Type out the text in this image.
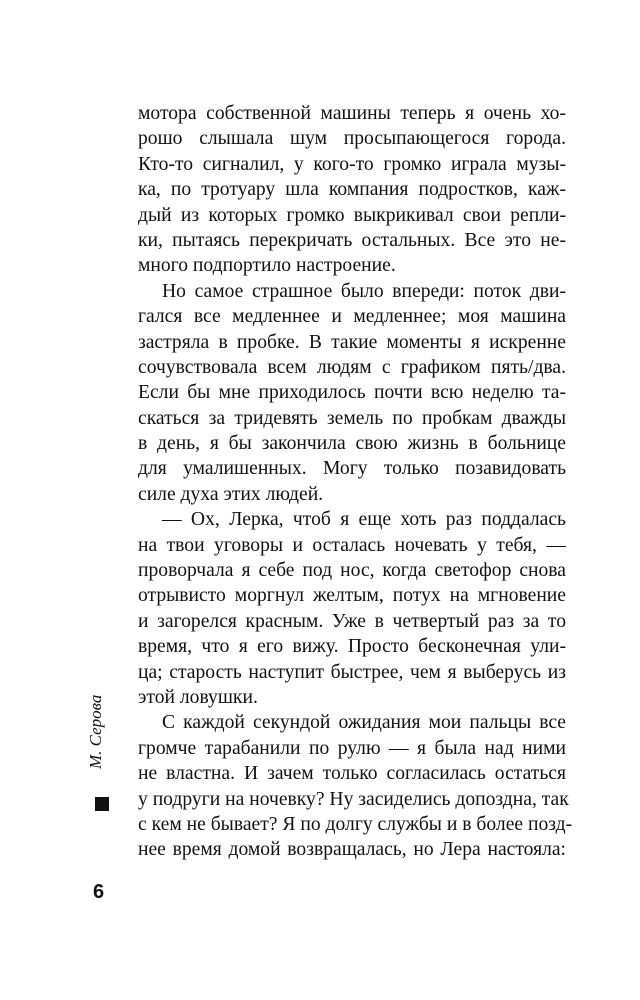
мотора собственной машины теперь я очень хо-
рошо слышала шум просыпающегося города.
Кто-то сигналил, у кого-то громко играла музы-
ка, по тротуару шла компания подростков, каж-
дый из которых громко выкрикивал свои репли-
ки, пытаясь перекричать остальных. Все это не-
много подпортило настроение.
Но самое страшное было впереди: поток дви-
гался все медленнее и медленнее; моя машина
застряла в пробке. В такие моменты я искренне
сочувствовала всем людям с графиком пять/два.
Если бы мне приходилось почти всю неделю та-
скаться за тридевять земель по пробкам дважды
в день, я бы закончила свою жизнь в больнице
для умалишенных. Могу только позавидовать
силе духа этих людей.
— Ох, Лерка, чтоб я еще хоть раз поддалась
на твои уговоры и осталась ночевать у тебя, —
проворчала я себе под нос, когда светофор снова
отрывисто моргнул желтым, потух на мгновение
и загорелся красным. Уже в четвертый раз за то
время, что я его вижу. Просто бесконечная ули-
ца; старость наступит быстрее, чем я выберусь из
этой ловушки.
С каждой секундой ожидания мои пальцы все
громче тарабанили по рулю — я была над ними
не властна. И зачем только согласилась остаться
у подруги на ночевку? Ну засиделись допоздна, так
с кем не бывает? Я по долгу службы и в более позд-
нее время домой возвращалась, но Лера настояла:
М. Серова
6
